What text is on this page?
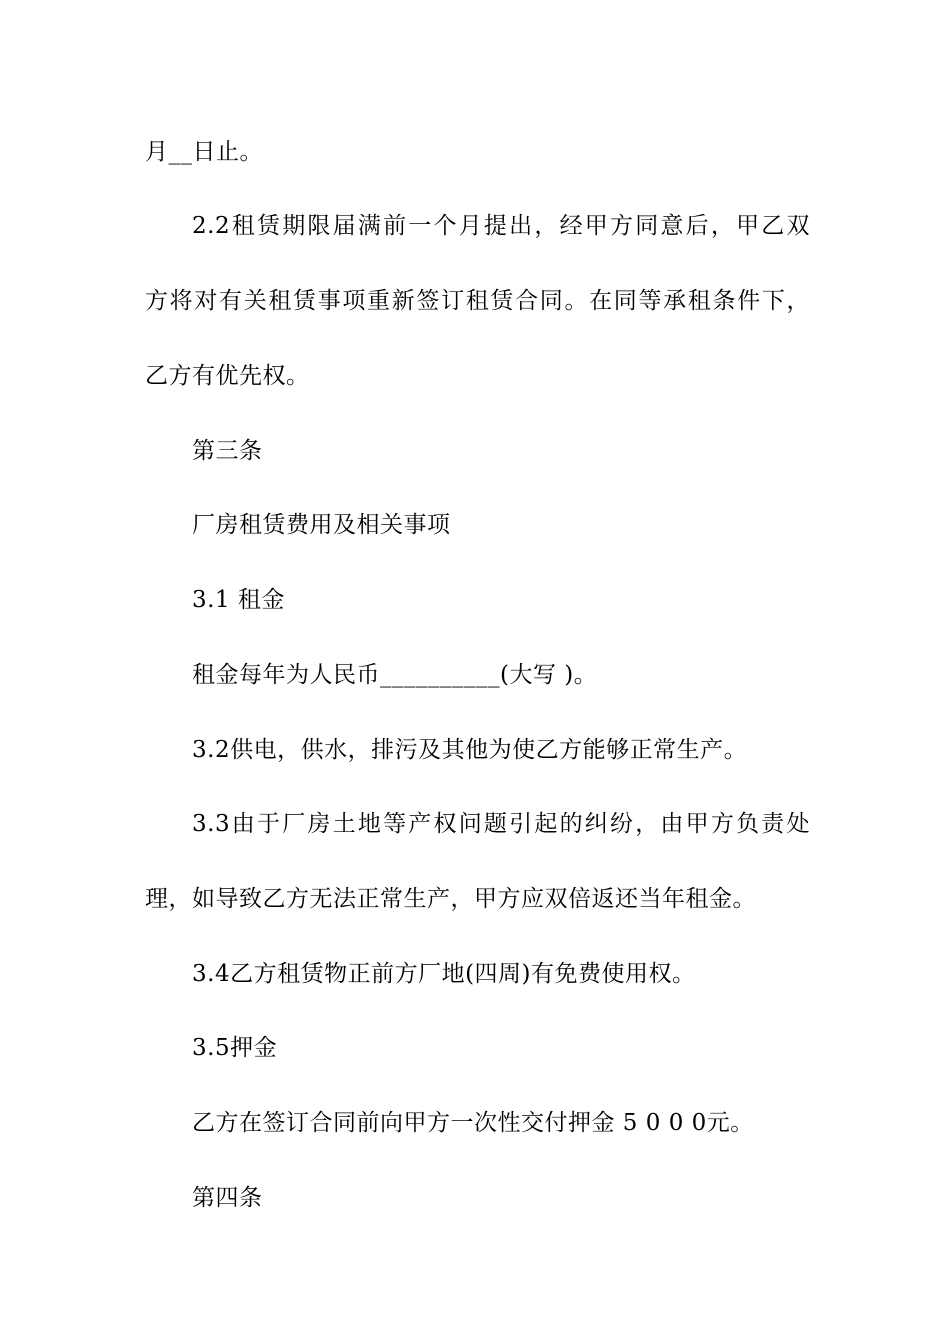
月__日止。
2.2租赁期限届满前一个月提出，经甲方同意后，甲乙双
方将对有关租赁事项重新签订租赁合同。在同等承租条件下，
乙方有优先权。
第三条
厂房租赁费用及相关事项
3.1 租金
租金每年为人民币__________(大写 )。
3.2供电，供水，排污及其他为使乙方能够正常生产。
3.3由于厂房土地等产权问题引起的纠纷，由甲方负责处
理，如导致乙方无法正常生产，甲方应双倍返还当年租金。
3.4乙方租赁物正前方厂地(四周)有免费使用权。
3.5押金
乙方在签订合同前向甲方一次性交付押金 5 0 0 0元。
第四条
